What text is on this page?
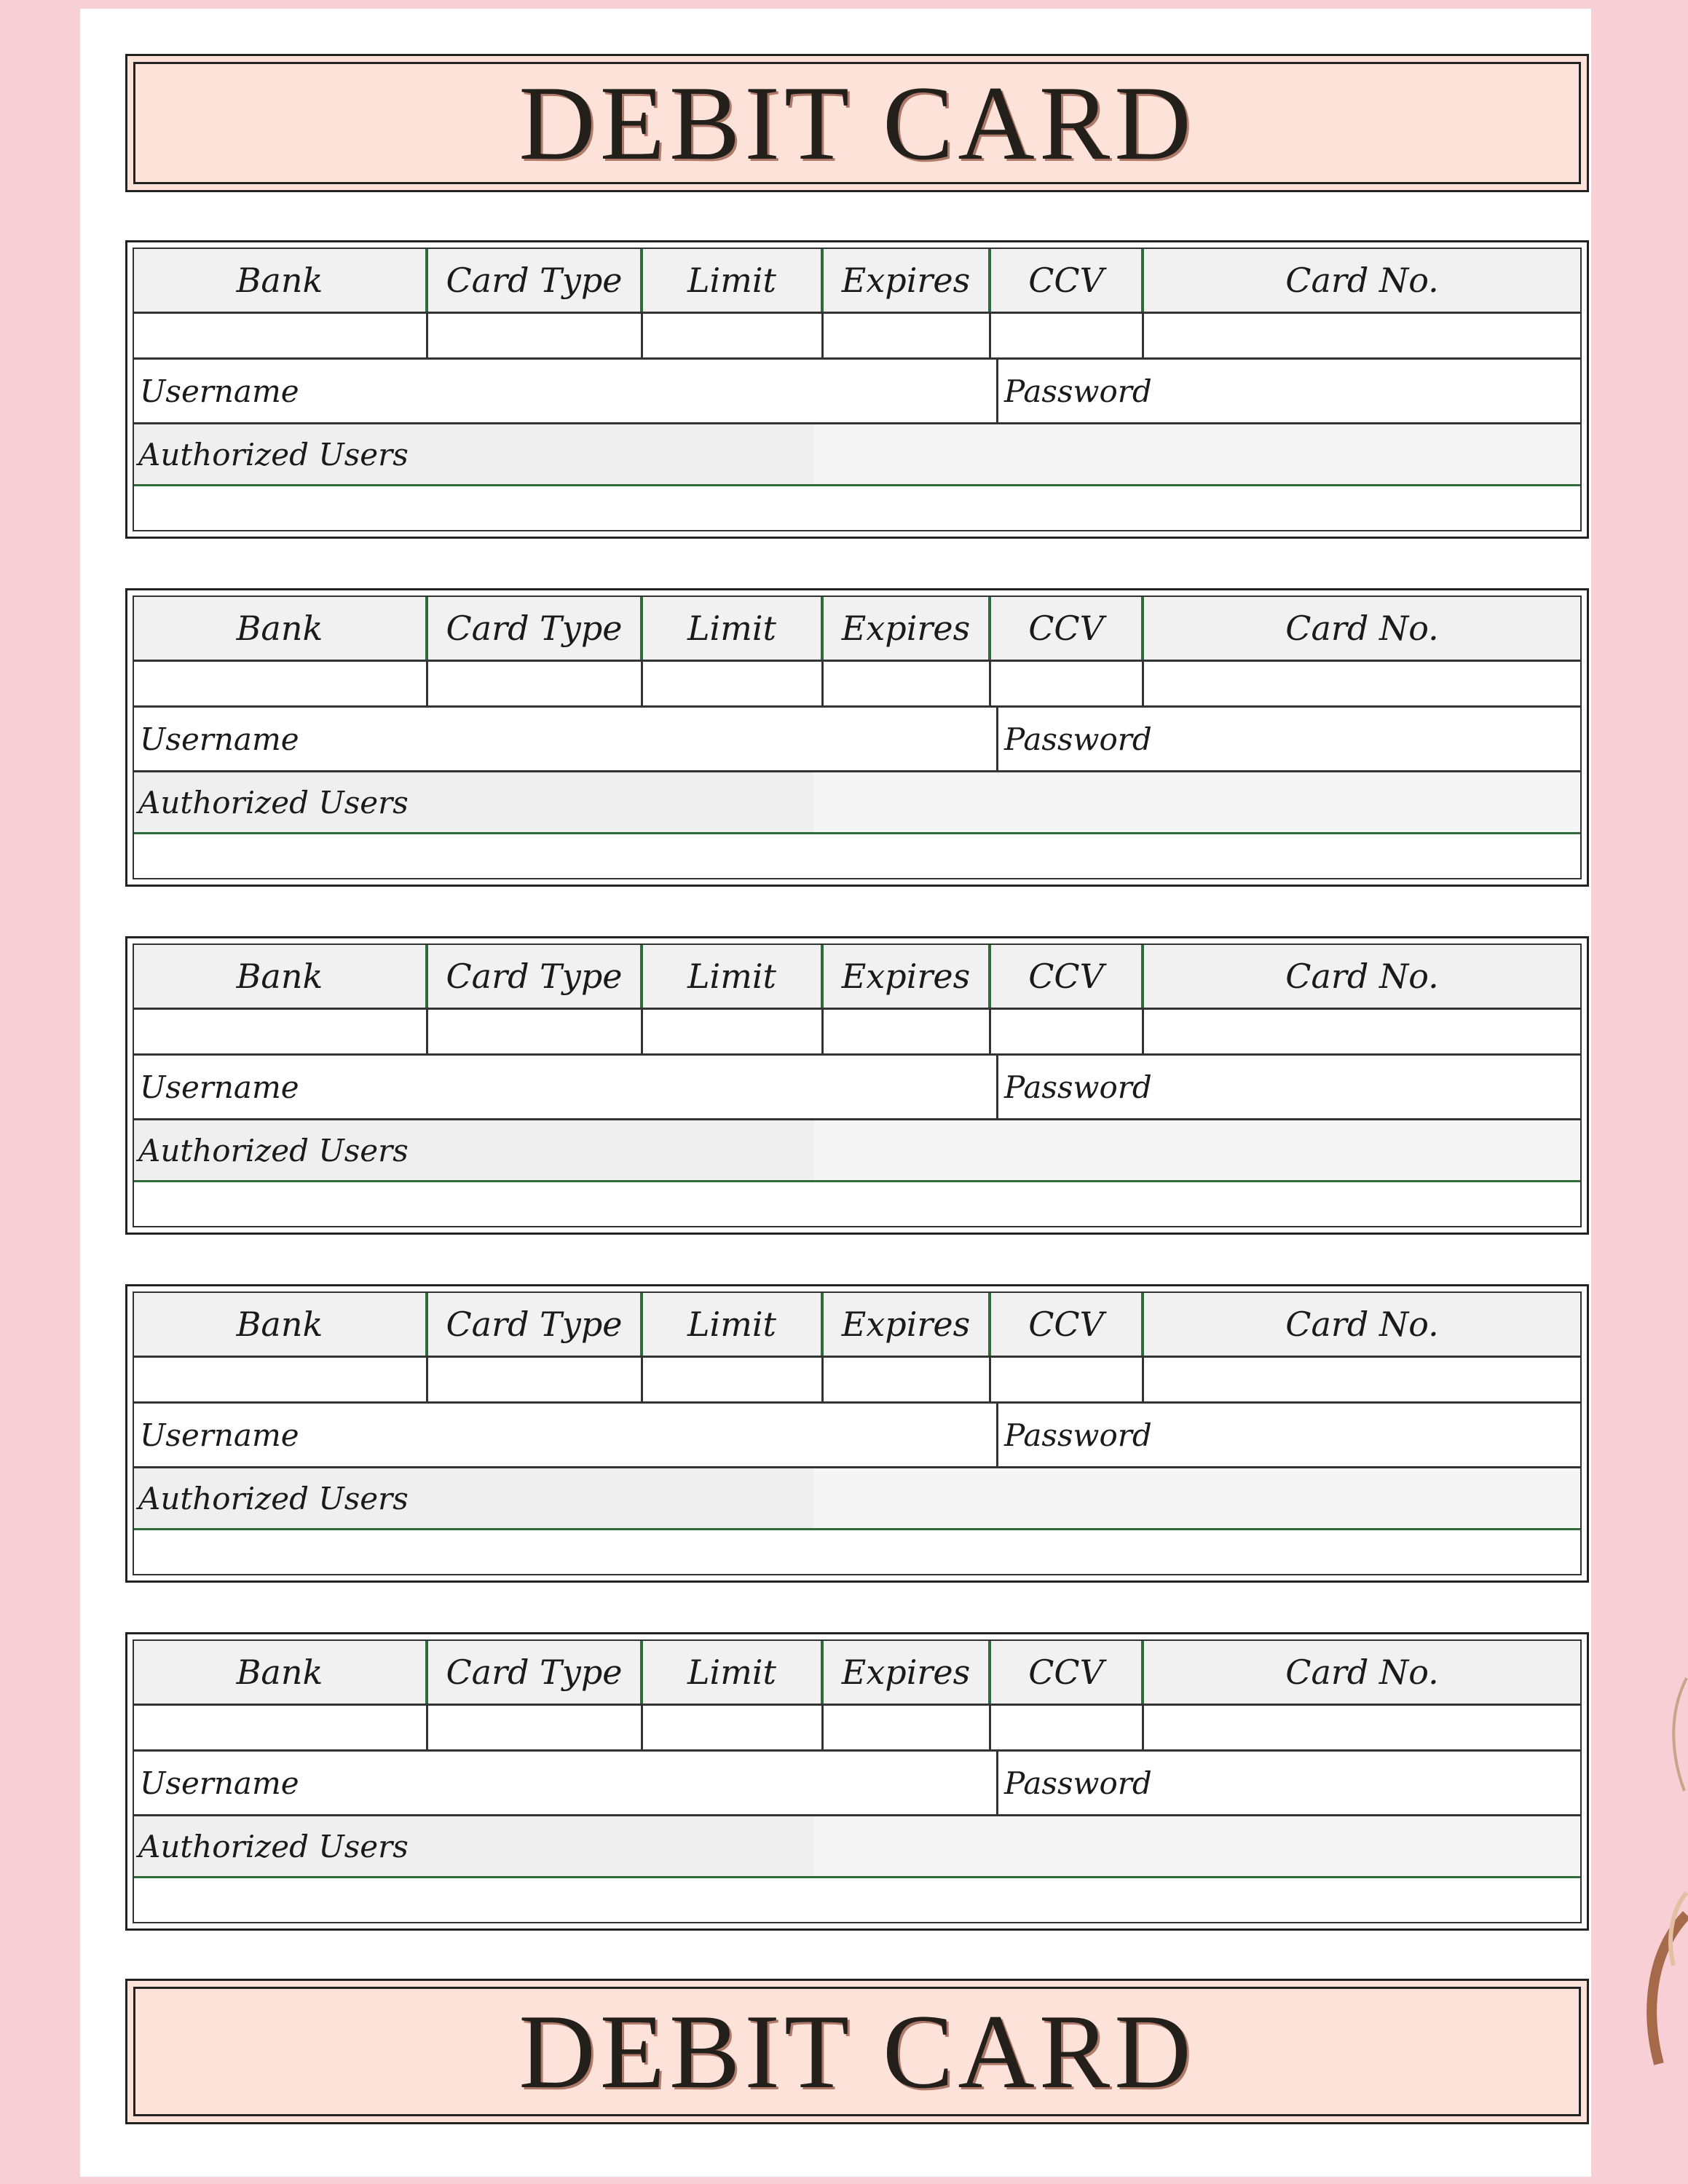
DEBIT CARD
Bank	Card Type	Limit	Expires	CCV	Card No.
Username	Password
Authorized Users
Bank	Card Type	Limit	Expires	CCV	Card No.
Username	Password
Authorized Users
Bank	Card Type	Limit	Expires	CCV	Card No.
Username	Password
Authorized Users
Bank	Card Type	Limit	Expires	CCV	Card No.
Username	Password
Authorized Users
Bank	Card Type	Limit	Expires	CCV	Card No.
Username	Password
Authorized Users
DEBIT CARD
